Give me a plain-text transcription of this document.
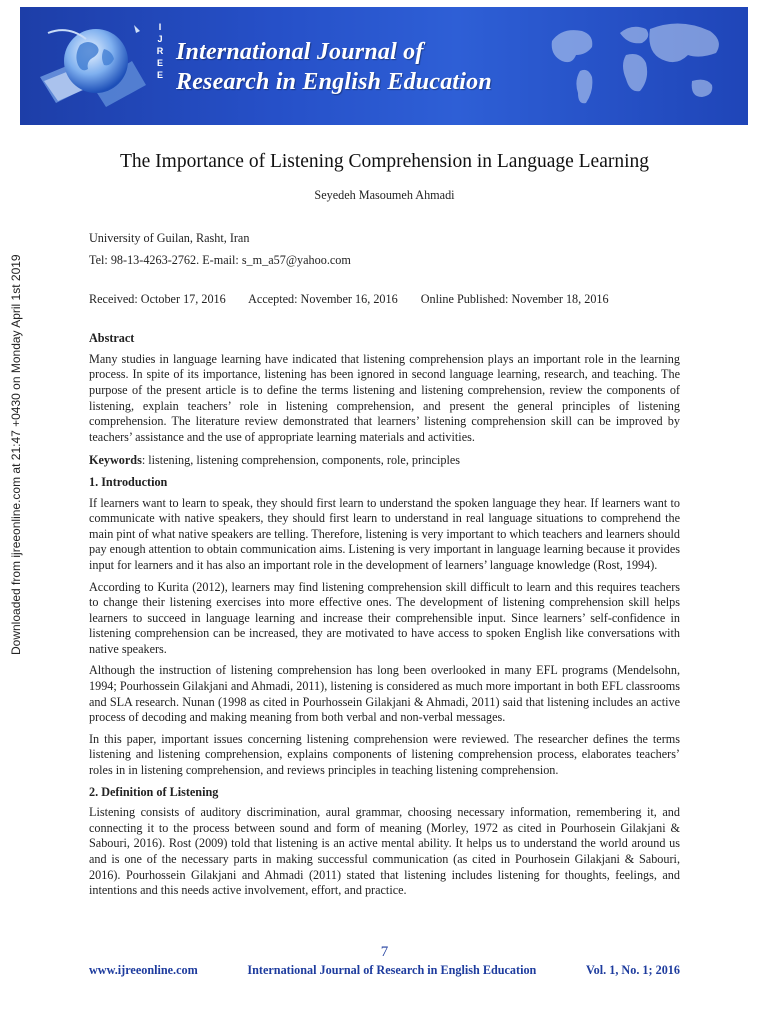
I
J
R
E
E
International Journal of
Research in English Education
Downloaded from ijreeonline.com at 21:47 +0430 on Monday April 1st 2019
The Importance of Listening Comprehension in Language Learning
Seyedeh Masoumeh Ahmadi

University of Guilan, Rasht, Iran

Tel: 98-13-4263-2762. E-mail: s_m_a57@yahoo.com

Received: October 17, 2016 Accepted: November 16, 2016 Online Published: November 18, 2016
Abstract

Many studies in language learning have indicated that listening comprehension plays an important role in the learning process. In spite of its importance, listening has been ignored in second language learning, research, and teaching. The purpose of the present article is to define the terms listening and listening comprehension, review the components of listening, explain teachers’ role in listening comprehension, and present the general principles of listening comprehension. The literature review demonstrated that learners’ listening comprehension skill can be improved by teachers’ assistance and the use of appropriate learning materials and activities.

Keywords: listening, listening comprehension, components, role, principles

1. Introduction

If learners want to learn to speak, they should first learn to understand the spoken language they hear. If learners want to communicate with native speakers, they should first learn to understand in real language situations to comprehend the main pint of what native speakers are telling. Therefore, listening is very important to which teachers and learners should pay enough attention to obtain communication aims. Listening is very important in language learning because it provides input for learners and it has also an important role in the development of learners’ language knowledge (Rost, 1994).

According to Kurita (2012), learners may find listening comprehension skill difficult to learn and this requires teachers to change their listening exercises into more effective ones. The development of listening comprehension skill helps learners to succeed in language learning and increase their comprehensible input. Since learners’ self-confidence in listening comprehension can be increased, they are motivated to have access to spoken English like conversations with native speakers.

Although the instruction of listening comprehension has long been overlooked in many EFL programs (Mendelsohn, 1994; Pourhossein Gilakjani and Ahmadi, 2011), listening is considered as much more important in both EFL classrooms and SLA research. Nunan (1998 as cited in Pourhossein Gilakjani & Ahmadi, 2011) said that listening includes an active process of decoding and making meaning from both verbal and non-verbal messages.

In this paper, important issues concerning listening comprehension were reviewed. The researcher defines the terms listening and listening comprehension, explains components of listening comprehension process, elaborates teachers’ roles in in listening comprehension, and reviews principles in teaching listening comprehension.

2. Definition of Listening

Listening consists of auditory discrimination, aural grammar, choosing necessary information, remembering it, and connecting it to the process between sound and form of meaning (Morley, 1972 as cited in Pourhosein Gilakjani & Sabouri, 2016). Rost (2009) told that listening is an active mental ability. It helps us to understand the world around us and is one of the necessary parts in making successful communication (as cited in Pourhosein Gilakjani & Sabouri, 2016). Pourhossein Gilakjani and Ahmadi (2011) stated that listening includes listening for thoughts, feelings, and intentions and this needs active involvement, effort, and practice.

7
www.ijreeonline.com	International Journal of Research in English Education	Vol. 1, No. 1; 2016
